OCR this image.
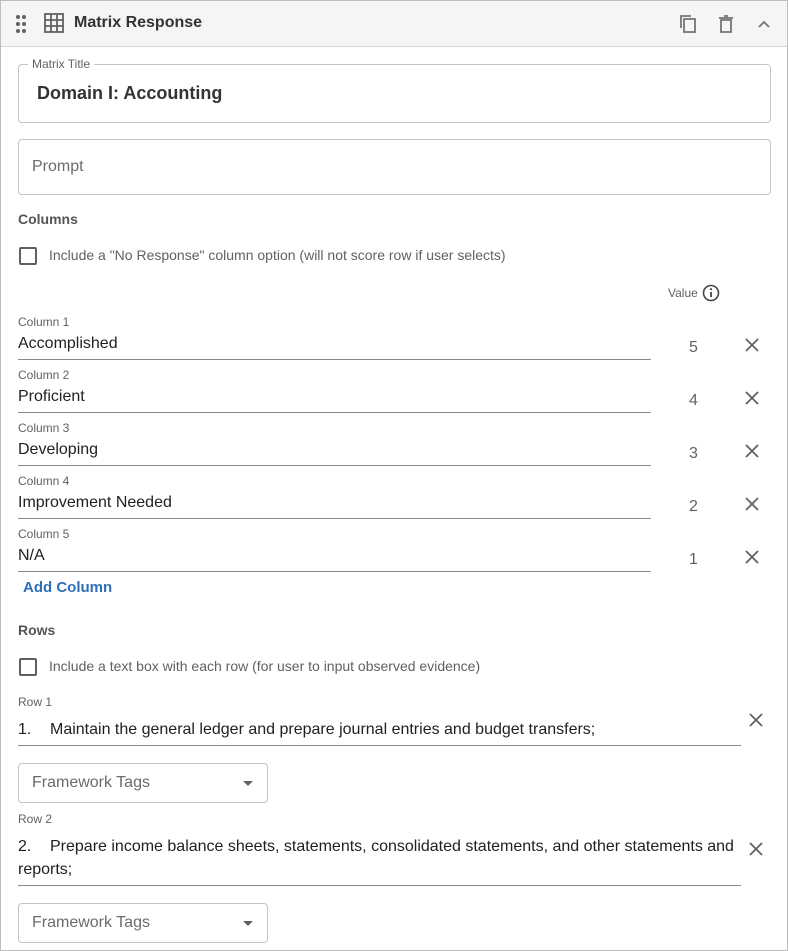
Matrix Response
Matrix Title
Domain I: Accounting
Prompt
Columns
Include a "No Response" column option (will not score row if user selects)
Value
Column 1
Accomplished	5
Column 2
Proficient	4
Column 3
Developing	3
Column 4
Improvement Needed	2
Column 5
N/A	1
Add Column
Rows
Include a text box with each row (for user to input observed evidence)
Row 1
1. Maintain the general ledger and prepare journal entries and budget transfers;
Framework Tags
Row 2
2. Prepare income balance sheets, statements, consolidated statements, and other statements and reports;
Framework Tags
